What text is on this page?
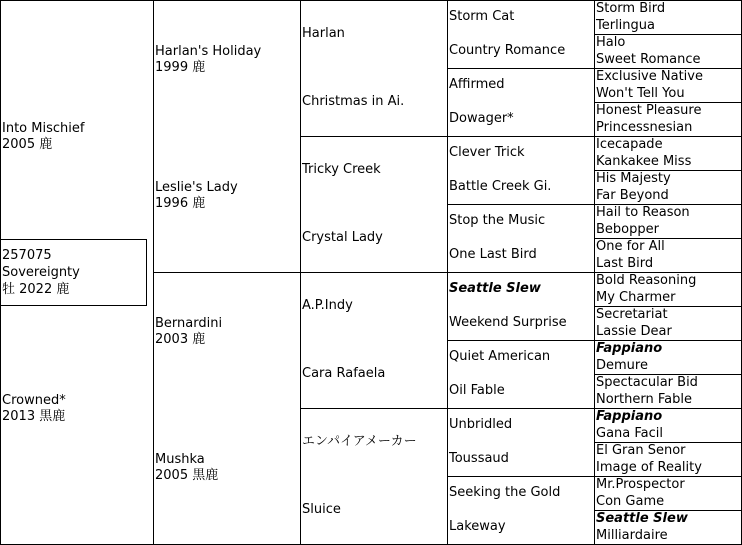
257075
Sovereignty
牡 2022 鹿
Into Mischief
2005 鹿
Crowned*
2013 黒鹿
Harlan's Holiday
1999 鹿
Leslie's Lady
1996 鹿
Bernardini
2003 鹿
Mushka
2005 黒鹿
Harlan
Christmas in Ai.
Tricky Creek
Crystal Lady
A.P.Indy
Cara Rafaela
エンパイアメーカー
Sluice
Storm Cat
Country Romance
Affirmed
Dowager*
Clever Trick
Battle Creek Gi.
Stop the Music
One Last Bird
Seattle Slew
Weekend Surprise
Quiet American
Oil Fable
Unbridled
Toussaud
Seeking the Gold
Lakeway
Storm Bird
Terlingua
Halo
Sweet Romance
Exclusive Native
Won't Tell You
Honest Pleasure
Princessnesian
Icecapade
Kankakee Miss
His Majesty
Far Beyond
Hail to Reason
Bebopper
One for All
Last Bird
Bold Reasoning
My Charmer
Secretariat
Lassie Dear
Fappiano
Demure
Spectacular Bid
Northern Fable
Fappiano
Gana Facil
El Gran Senor
Image of Reality
Mr.Prospector
Con Game
Seattle Slew
Milliardaire
